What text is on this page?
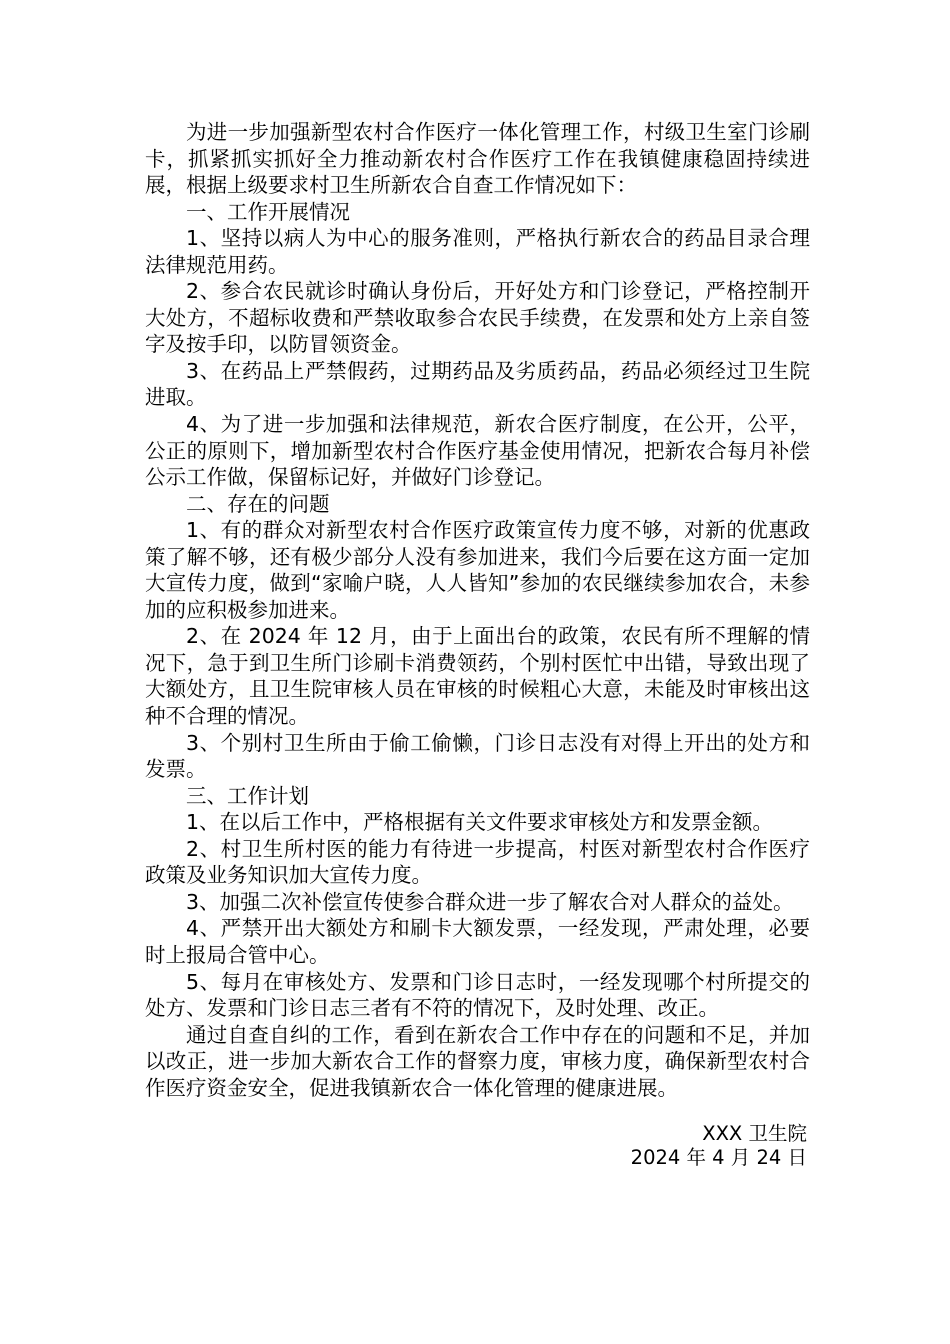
为进一步加强新型农村合作医疗一体化管理工作，村级卫生室门诊刷卡，抓紧抓实抓好全力推动新农村合作医疗工作在我镇健康稳固持续进展，根据上级要求村卫生所新农合自查工作情况如下：

一、工作开展情况

1、坚持以病人为中心的服务准则，严格执行新农合的药品目录合理法律规范用药。

2、参合农民就诊时确认身份后，开好处方和门诊登记，严格控制开大处方，不超标收费和严禁收取参合农民手续费，在发票和处方上亲自签字及按手印，以防冒领资金。

3、在药品上严禁假药，过期药品及劣质药品，药品必须经过卫生院进取。

4、为了进一步加强和法律规范，新农合医疗制度，在公开，公平，公正的原则下，增加新型农村合作医疗基金使用情况，把新农合每月补偿公示工作做，保留标记好，并做好门诊登记。

二、存在的问题

1、有的群众对新型农村合作医疗政策宣传力度不够，对新的优惠政策了解不够，还有极少部分人没有参加进来，我们今后要在这方面一定加大宣传力度，做到“家喻户晓，人人皆知”参加的农民继续参加农合，未参加的应积极参加进来。

2、在 2024 年 12 月，由于上面出台的政策，农民有所不理解的情况下，急于到卫生所门诊刷卡消费领药，个别村医忙中出错，导致出现了大额处方，且卫生院审核人员在审核的时候粗心大意，未能及时审核出这种不合理的情况。

3、个别村卫生所由于偷工偷懒，门诊日志没有对得上开出的处方和发票。

三、工作计划

1、在以后工作中，严格根据有关文件要求审核处方和发票金额。

2、村卫生所村医的能力有待进一步提高，村医对新型农村合作医疗政策及业务知识加大宣传力度。

3、加强二次补偿宣传使参合群众进一步了解农合对人群众的益处。

4、严禁开出大额处方和刷卡大额发票，一经发现，严肃处理，必要时上报局合管中心。

5、每月在审核处方、发票和门诊日志时，一经发现哪个村所提交的处方、发票和门诊日志三者有不符的情况下，及时处理、改正。

通过自查自纠的工作，看到在新农合工作中存在的问题和不足，并加以改正，进一步加大新农合工作的督察力度，审核力度，确保新型农村合作医疗资金安全，促进我镇新农合一体化管理的健康进展。

XXX 卫生院
2024 年 4 月 24 日
